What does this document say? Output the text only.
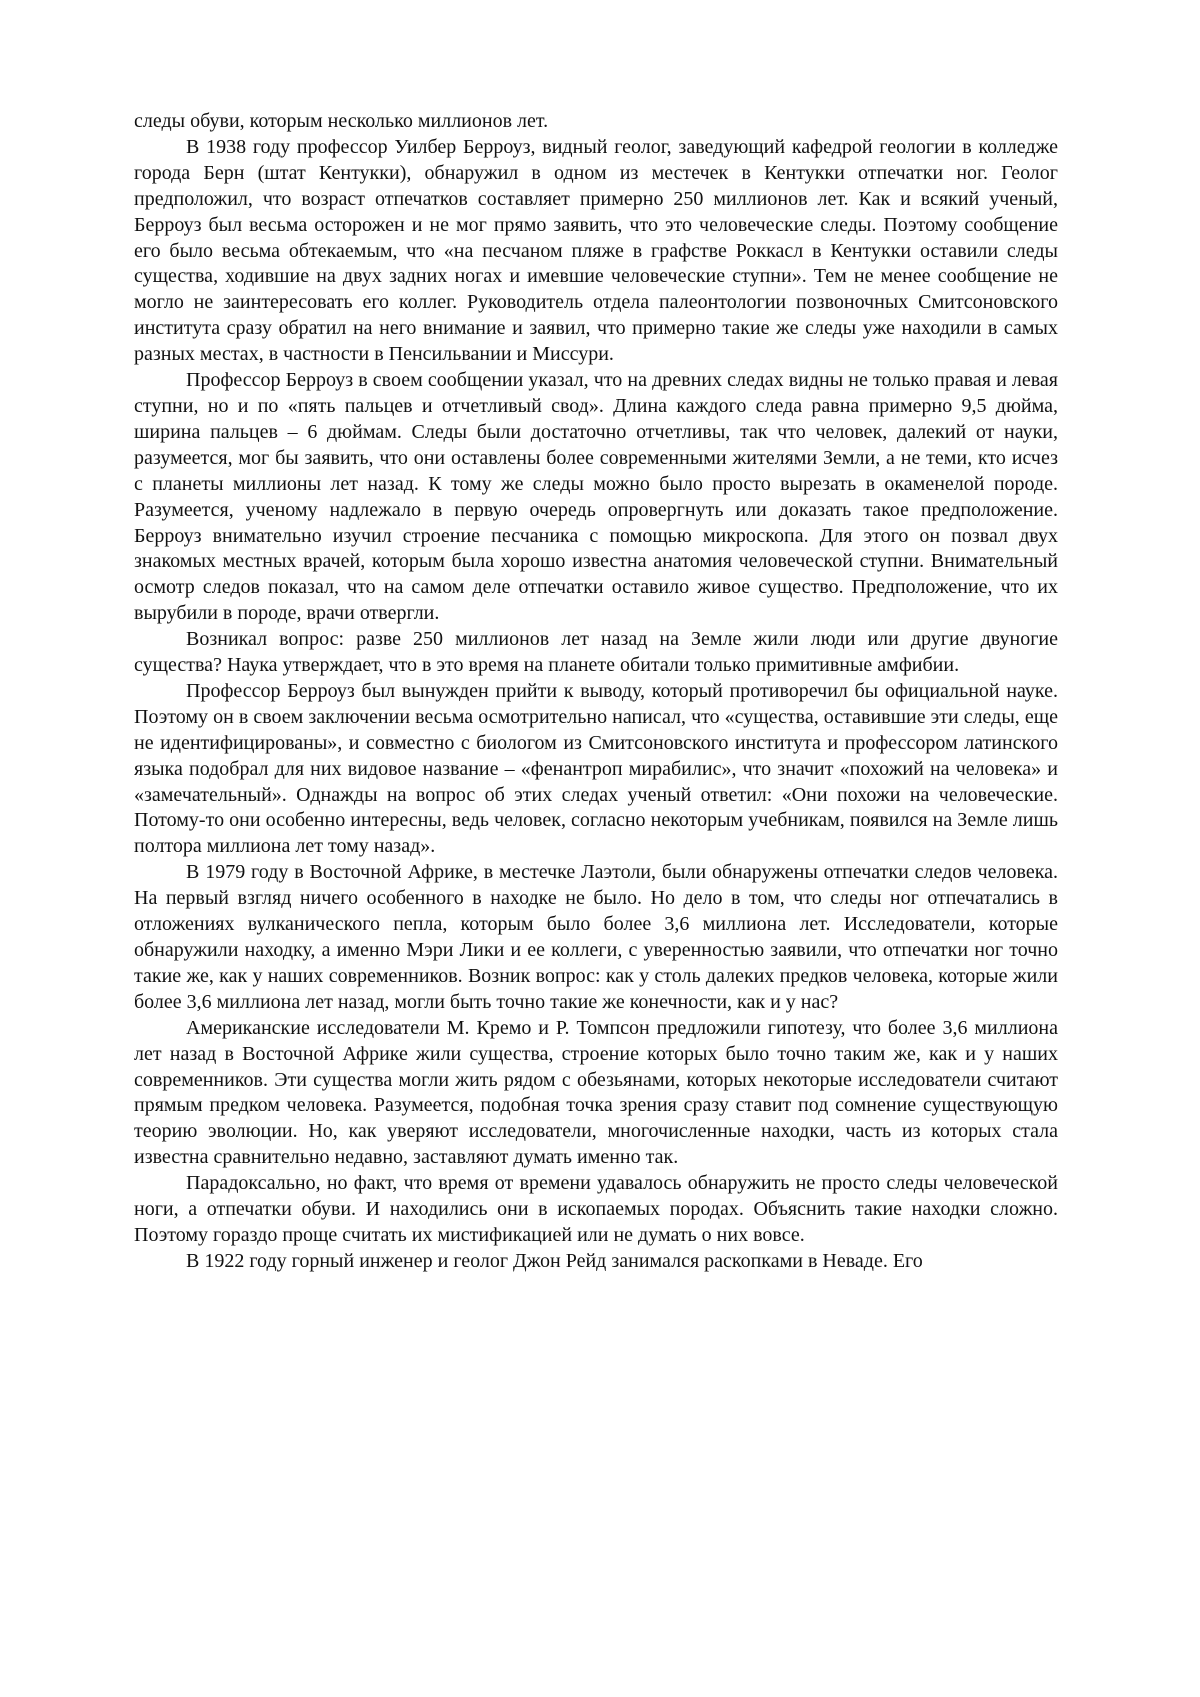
следы обуви, которым несколько миллионов лет.

В 1938 году профессор Уилбер Берроуз, видный геолог, заведующий кафедрой геологии в колледже города Берн (штат Кентукки), обнаружил в одном из местечек в Кентукки отпечатки ног. Геолог предположил, что возраст отпечатков составляет примерно 250 миллионов лет. Как и всякий ученый, Берроуз был весьма осторожен и не мог прямо заявить, что это человеческие следы. Поэтому сообщение его было весьма обтекаемым, что «на песчаном пляже в графстве Роккасл в Кентукки оставили следы существа, ходившие на двух задних ногах и имевшие человеческие ступни». Тем не менее сообщение не могло не заинтересовать его коллег. Руководитель отдела палеонтологии позвоночных Смитсоновского института сразу обратил на него внимание и заявил, что примерно такие же следы уже находили в самых разных местах, в частности в Пенсильвании и Миссури.

Профессор Берроуз в своем сообщении указал, что на древних следах видны не только правая и левая ступни, но и по «пять пальцев и отчетливый свод». Длина каждого следа равна примерно 9,5 дюйма, ширина пальцев – 6 дюймам. Следы были достаточно отчетливы, так что человек, далекий от науки, разумеется, мог бы заявить, что они оставлены более современными жителями Земли, а не теми, кто исчез с планеты миллионы лет назад. К тому же следы можно было просто вырезать в окаменелой породе. Разумеется, ученому надлежало в первую очередь опровергнуть или доказать такое предположение. Берроуз внимательно изучил строение песчаника с помощью микроскопа. Для этого он позвал двух знакомых местных врачей, которым была хорошо известна анатомия человеческой ступни. Внимательный осмотр следов показал, что на самом деле отпечатки оставило живое существо. Предположение, что их вырубили в породе, врачи отвергли.

Возникал вопрос: разве 250 миллионов лет назад на Земле жили люди или другие двуногие существа? Наука утверждает, что в это время на планете обитали только примитивные амфибии.

Профессор Берроуз был вынужден прийти к выводу, который противоречил бы официальной науке. Поэтому он в своем заключении весьма осмотрительно написал, что «существа, оставившие эти следы, еще не идентифицированы», и совместно с биологом из Смитсоновского института и профессором латинского языка подобрал для них видовое название – «фенантроп мирабилис», что значит «похожий на человека» и «замечательный». Однажды на вопрос об этих следах ученый ответил: «Они похожи на человеческие. Потому-то они особенно интересны, ведь человек, согласно некоторым учебникам, появился на Земле лишь полтора миллиона лет тому назад».

В 1979 году в Восточной Африке, в местечке Лаэтоли, были обнаружены отпечатки следов человека. На первый взгляд ничего особенного в находке не было. Но дело в том, что следы ног отпечатались в отложениях вулканического пепла, которым было более 3,6 миллиона лет. Исследователи, которые обнаружили находку, а именно Мэри Лики и ее коллеги, с уверенностью заявили, что отпечатки ног точно такие же, как у наших современников. Возник вопрос: как у столь далеких предков человека, которые жили более 3,6 миллиона лет назад, могли быть точно такие же конечности, как и у нас?

Американские исследователи М. Кремо и Р. Томпсон предложили гипотезу, что более 3,6 миллиона лет назад в Восточной Африке жили существа, строение которых было точно таким же, как и у наших современников. Эти существа могли жить рядом с обезьянами, которых некоторые исследователи считают прямым предком человека. Разумеется, подобная точка зрения сразу ставит под сомнение существующую теорию эволюции. Но, как уверяют исследователи, многочисленные находки, часть из которых стала известна сравнительно недавно, заставляют думать именно так.

Парадоксально, но факт, что время от времени удавалось обнаружить не просто следы человеческой ноги, а отпечатки обуви. И находились они в ископаемых породах. Объяснить такие находки сложно. Поэтому гораздо проще считать их мистификацией или не думать о них вовсе.

В 1922 году горный инженер и геолог Джон Рейд занимался раскопками в Неваде. Его
